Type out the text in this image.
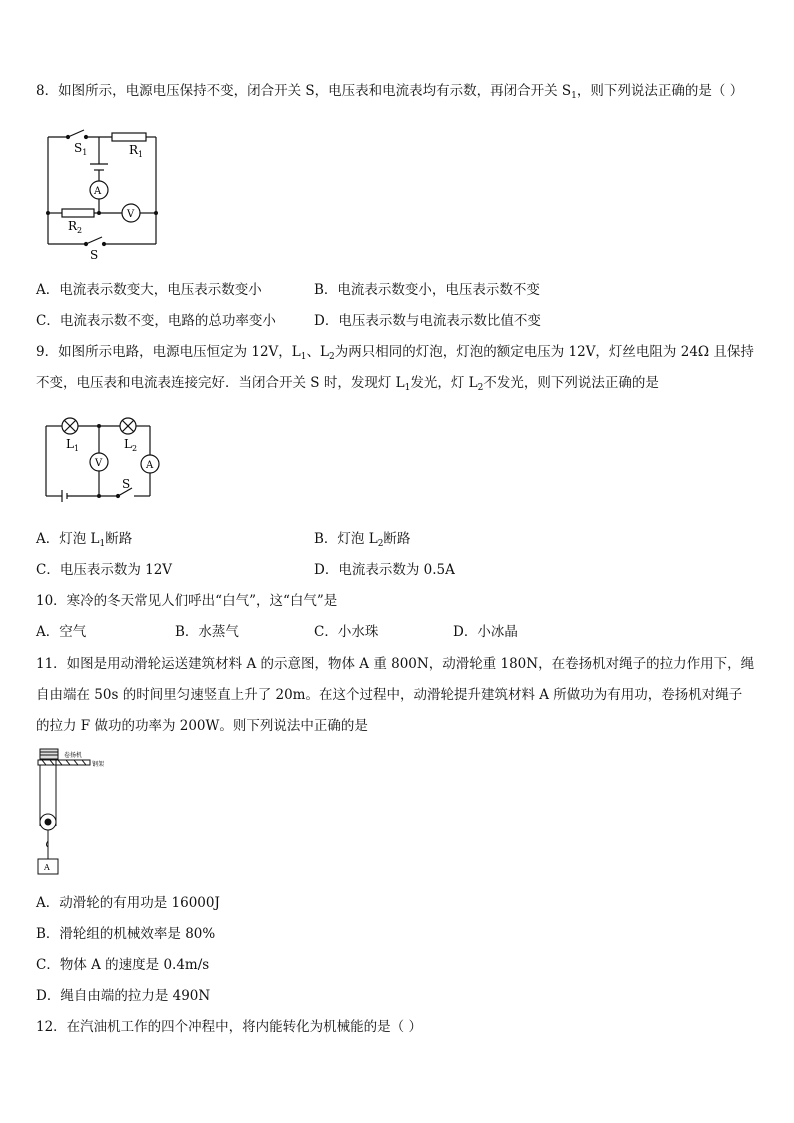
8．如图所示，电源电压保持不变，闭合开关 S，电压表和电流表均有示数，再闭合开关 $S_1$，则下列说法正确的是（ ）
$S_1$	$R_1$
A
V
$R_2$
S
A．电流表示数变大，电压表示数变小	B．电流表示数变小，电压表示数不变
C．电流表示数不变，电路的总功率变小	D．电压表示数与电流表示数比值不变
9．如图所示电路，电源电压恒定为 12V，$L_1$、$L_2$为两只相同的灯泡，灯泡的额定电压为 12V，灯丝电阻为 24Ω 且保持
不变，电压表和电流表连接完好．当闭合开关 S 时，发现灯 $L_1$发光，灯 $L_2$不发光，则下列说法正确的是
$L_1$	$L_2$
V	A
S
A．灯泡 $L_1$断路	B．灯泡 $L_2$断路
C．电压表示数为 12V	D．电流表示数为 0.5A
10．寒冷的冬天常见人们呼出“白气”，这“白气”是
A．空气	B．水蒸气	C．小水珠	D．小冰晶
11．如图是用动滑轮运送建筑材料 A 的示意图，物体 A 重 800N，动滑轮重 180N，在卷扬机对绳子的拉力作用下，绳
自由端在 50s 的时间里匀速竖直上升了 20m。在这个过程中，动滑轮提升建筑材料 A 所做功为有用功，卷扬机对绳子
的拉力 F 做功的功率为 200W。则下列说法中正确的是
卷扬机
钢架
A
A．动滑轮的有用功是 16000J
B．滑轮组的机械效率是 80%
C．物体 A 的速度是 0.4m/s
D．绳自由端的拉力是 490N
12．在汽油机工作的四个冲程中，将内能转化为机械能的是（ ）
